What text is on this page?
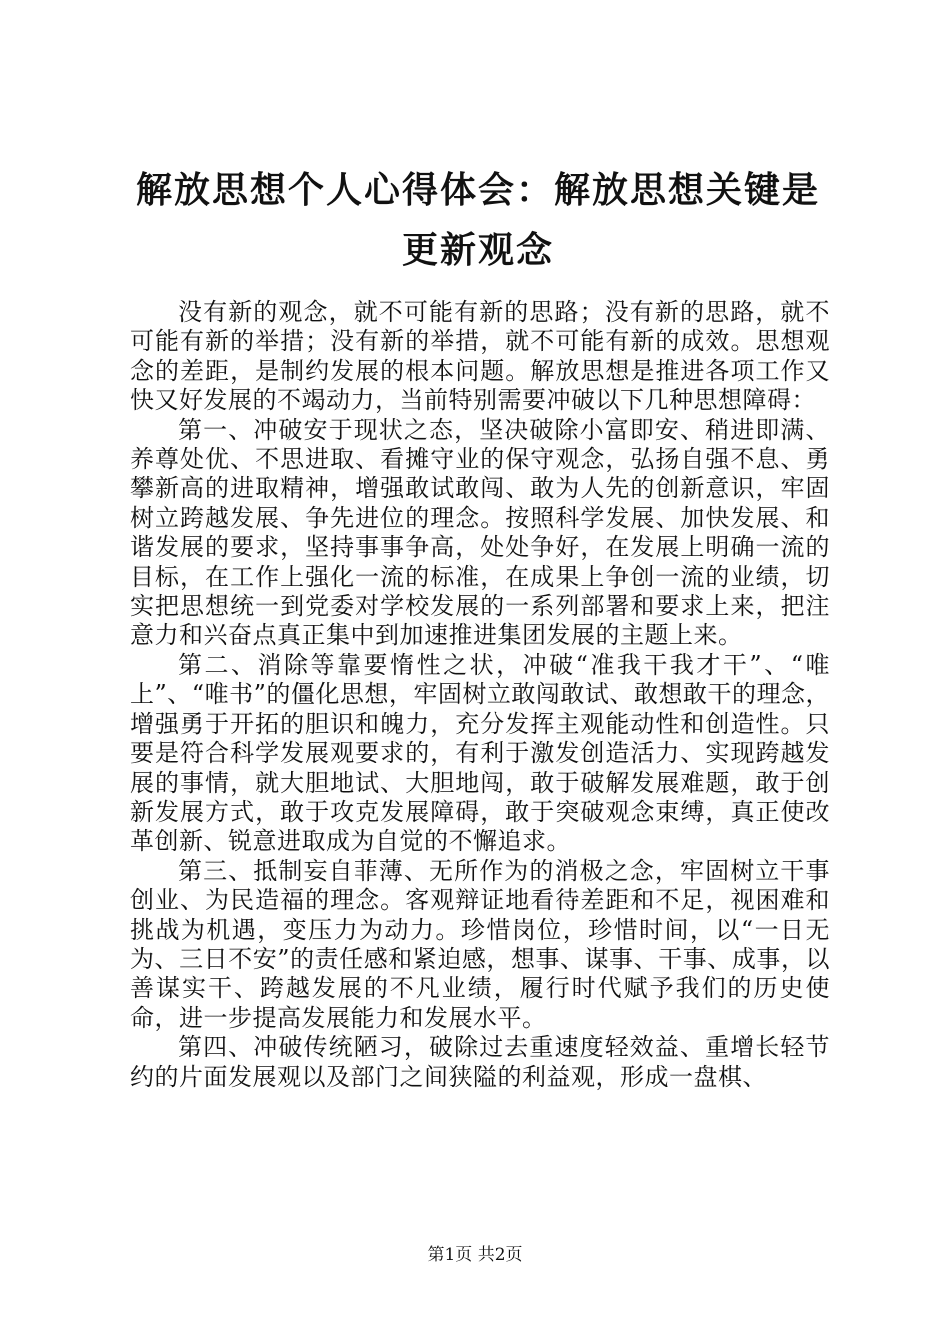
解放思想个人心得体会：解放思想关键是更新观念

没有新的观念，就不可能有新的思路；没有新的思路，就不可能有新的举措；没有新的举措，就不可能有新的成效。思想观念的差距，是制约发展的根本问题。解放思想是推进各项工作又快又好发展的不竭动力，当前特别需要冲破以下几种思想障碍：

第一、冲破安于现状之态，坚决破除小富即安、稍进即满、养尊处优、不思进取、看摊守业的保守观念，弘扬自强不息、勇攀新高的进取精神，增强敢试敢闯、敢为人先的创新意识，牢固树立跨越发展、争先进位的理念。按照科学发展、加快发展、和谐发展的要求，坚持事事争高，处处争好，在发展上明确一流的目标，在工作上强化一流的标准，在成果上争创一流的业绩，切实把思想统一到党委对学校发展的一系列部署和要求上来，把注意力和兴奋点真正集中到加速推进集团发展的主题上来。

第二、消除等靠要惰性之状，冲破“准我干我才干”、“唯上”、“唯书”的僵化思想，牢固树立敢闯敢试、敢想敢干的理念，增强勇于开拓的胆识和魄力，充分发挥主观能动性和创造性。只要是符合科学发展观要求的，有利于激发创造活力、实现跨越发展的事情，就大胆地试、大胆地闯，敢于破解发展难题，敢于创新发展方式，敢于攻克发展障碍，敢于突破观念束缚，真正使改革创新、锐意进取成为自觉的不懈追求。

第三、抵制妄自菲薄、无所作为的消极之念，牢固树立干事创业、为民造福的理念。客观辩证地看待差距和不足，视困难和挑战为机遇，变压力为动力。珍惜岗位，珍惜时间，以“一日无为、三日不安”的责任感和紧迫感，想事、谋事、干事、成事，以善谋实干、跨越发展的不凡业绩，履行时代赋予我们的历史使命，进一步提高发展能力和发展水平。

第四、冲破传统陋习，破除过去重速度轻效益、重增长轻节约的片面发展观以及部门之间狭隘的利益观，形成一盘棋、

第1页 共2页
